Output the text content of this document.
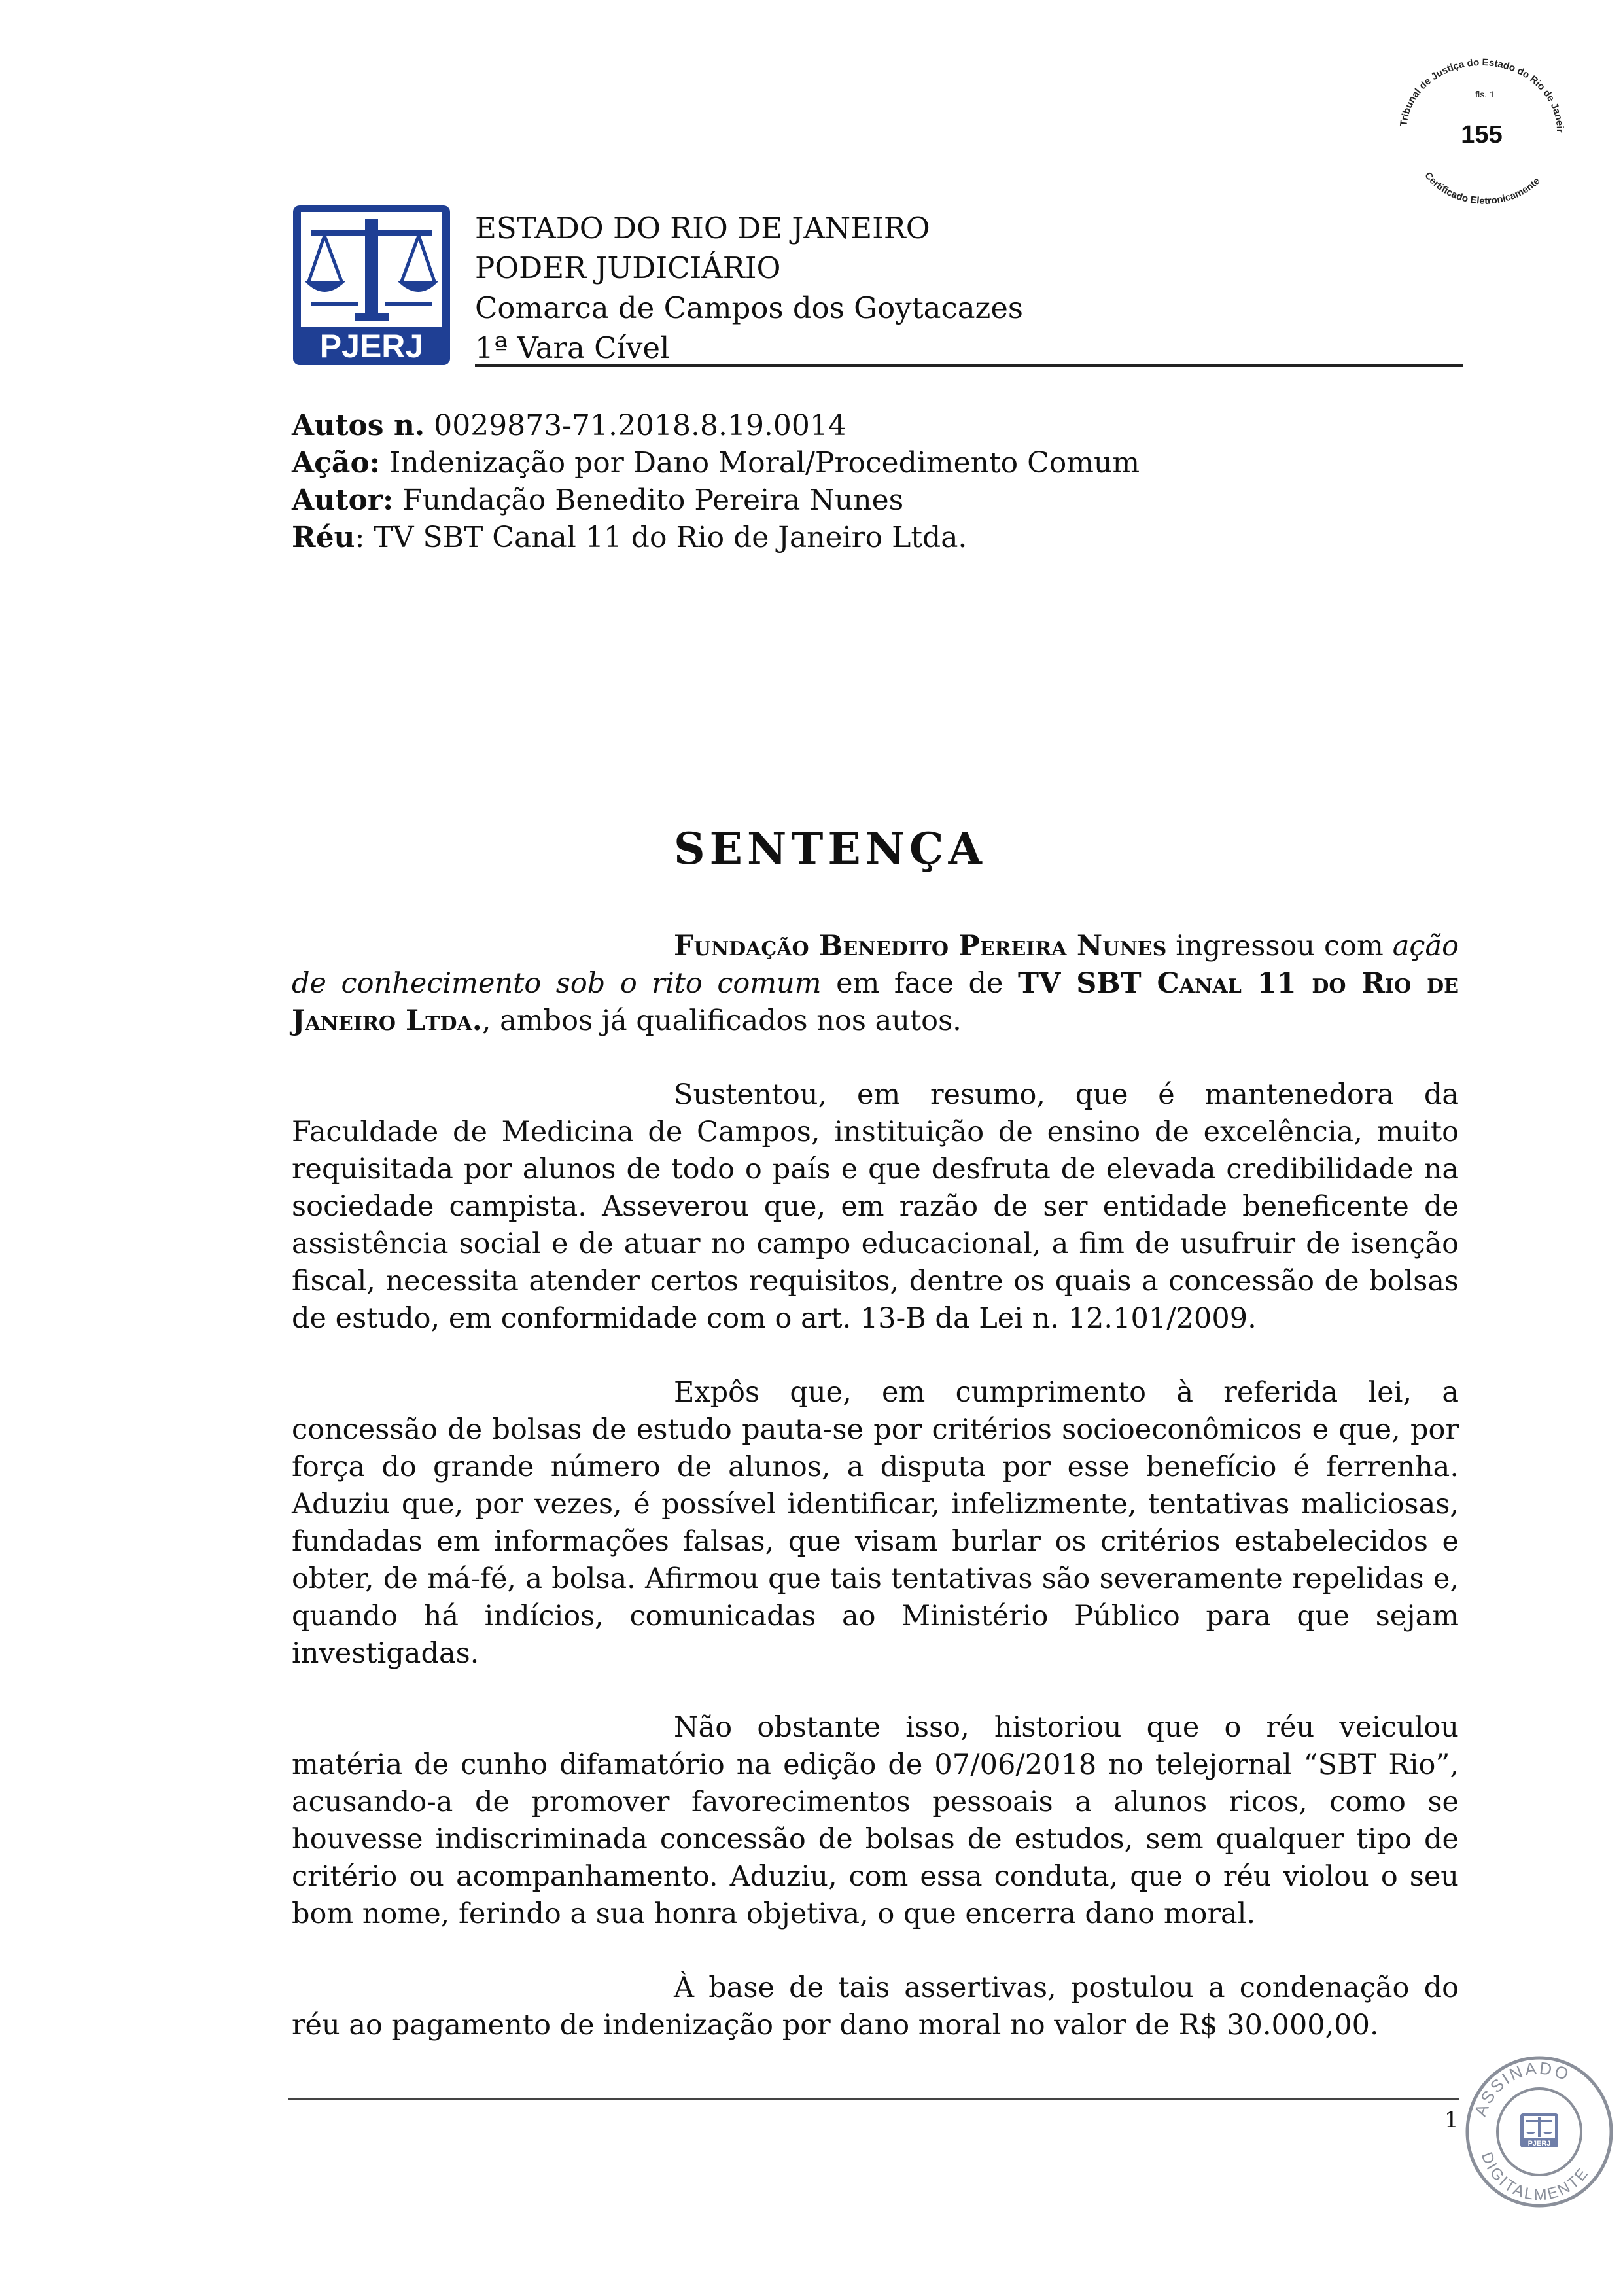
Tribunal de Justiça do Estado do Rio de Janeir
Certificado Eletronicamente
fls. 1
155
PJERJ
ESTADO DO RIO DE JANEIRO
PODER JUDICIÁRIO
Comarca de Campos dos Goytacazes
1ª Vara Cível
Autos n. 0029873-71.2018.8.19.0014
Ação: Indenização por Dano Moral/Procedimento Comum
Autor: Fundação Benedito Pereira Nunes
Réu: TV SBT Canal 11 do Rio de Janeiro Ltda.
SENTENÇA

Fundação Benedito Pereira Nunes ingressou com ação de conhecimento sob o rito comum em face de TV SBT Canal 11 do Rio de Janeiro Ltda., ambos já qualificados nos autos.

Sustentou, em resumo, que é mantenedora da Faculdade de Medicina de Campos, instituição de ensino de excelência, muito requisitada por alunos de todo o país e que desfruta de elevada credibilidade na sociedade campista. Asseverou que, em razão de ser entidade beneficente de assistência social e de atuar no campo educacional, a fim de usufruir de isenção fiscal, necessita atender certos requisitos, dentre os quais a concessão de bolsas de estudo, em conformidade com o art. 13-B da Lei n. 12.101/2009.

Expôs que, em cumprimento à referida lei, a concessão de bolsas de estudo pauta-se por critérios socioeconômicos e que, por força do grande número de alunos, a disputa por esse benefício é ferrenha. Aduziu que, por vezes, é possível identificar, infelizmente, tentativas maliciosas, fundadas em informações falsas, que visam burlar os critérios estabelecidos e obter, de má-fé, a bolsa. Afirmou que tais tentativas são severamente repelidas e, quando há indícios, comunicadas ao Ministério Público para que sejam investigadas.

Não obstante isso, historiou que o réu veiculou matéria de cunho difamatório na edição de 07/06/2018 no telejornal “SBT Rio”, acusando-a de promover favorecimentos pessoais a alunos ricos, como se houvesse indiscriminada concessão de bolsas de estudos, sem qualquer tipo de critério ou acompanhamento. Aduziu, com essa conduta, que o réu violou o seu bom nome, ferindo a sua honra objetiva, o que encerra dano moral.

À base de tais assertivas, postulou a condenação do réu ao pagamento de indenização por dano moral no valor de R$ 30.000,00.

1 ASSINADO
DIGITALMENTE
PJERJ
